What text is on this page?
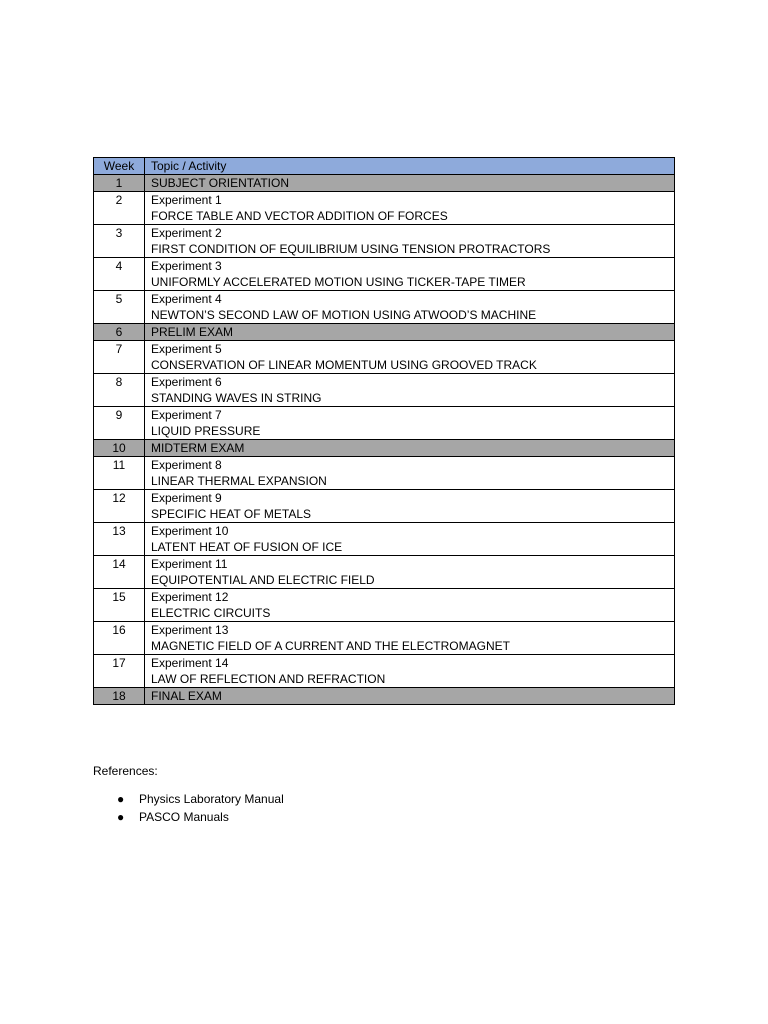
Week	Topic / Activity
1	SUBJECT ORIENTATION

2	Experiment 1
FORCE TABLE AND VECTOR ADDITION OF FORCES

3	Experiment 2
FIRST CONDITION OF EQUILIBRIUM USING TENSION PROTRACTORS

4	Experiment 3
UNIFORMLY ACCELERATED MOTION USING TICKER-TAPE TIMER

5	Experiment 4
NEWTON’S SECOND LAW OF MOTION USING ATWOOD’S MACHINE

6	PRELIM EXAM

7	Experiment 5
CONSERVATION OF LINEAR MOMENTUM USING GROOVED TRACK

8	Experiment 6
STANDING WAVES IN STRING

9	Experiment 7
LIQUID PRESSURE

10	MIDTERM EXAM

11	Experiment 8
LINEAR THERMAL EXPANSION

12	Experiment 9
SPECIFIC HEAT OF METALS

13	Experiment 10
LATENT HEAT OF FUSION OF ICE

14	Experiment 11
EQUIPOTENTIAL AND ELECTRIC FIELD

15	Experiment 12
ELECTRIC CIRCUITS

16	Experiment 13
MAGNETIC FIELD OF A CURRENT AND THE ELECTROMAGNET

17	Experiment 14
LAW OF REFLECTION AND REFRACTION

18	FINAL EXAM
References:
● Physics Laboratory Manual
● PASCO Manuals
